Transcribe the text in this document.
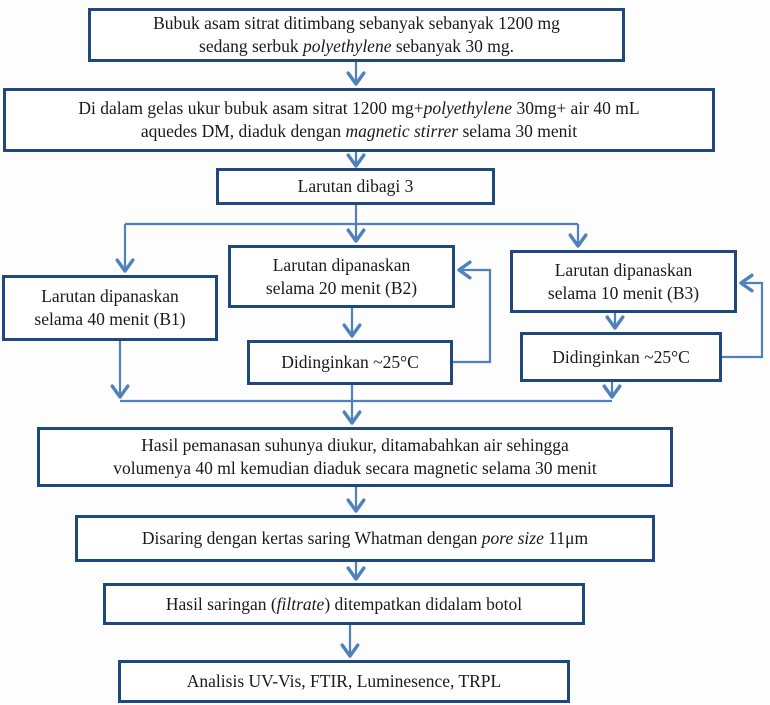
Bubuk asam sitrat ditimbang sebanyak sebanyak 1200 mg
sedang serbuk polyethylene sebanyak 30 mg.
Di dalam gelas ukur bubuk asam sitrat 1200 mg+polyethylene 30mg+ air 40 mL
aquedes DM, diaduk dengan magnetic stirrer selama 30 menit
Larutan dibagi 3
Larutan dipanaskan
selama 40 menit (B1)
Larutan dipanaskan
selama 20 menit (B2)
Larutan dipanaskan
selama 10 menit (B3)
Didinginkan ~25°C	Didinginkan ~25°C
Hasil pemanasan suhunya diukur, ditamabahkan air sehingga
volumenya 40 ml kemudian diaduk secara magnetic selama 30 menit
Disaring dengan kertas saring Whatman dengan pore size 11μm
Hasil saringan (filtrate) ditempatkan didalam botol
Analisis UV-Vis, FTIR, Luminesence, TRPL
